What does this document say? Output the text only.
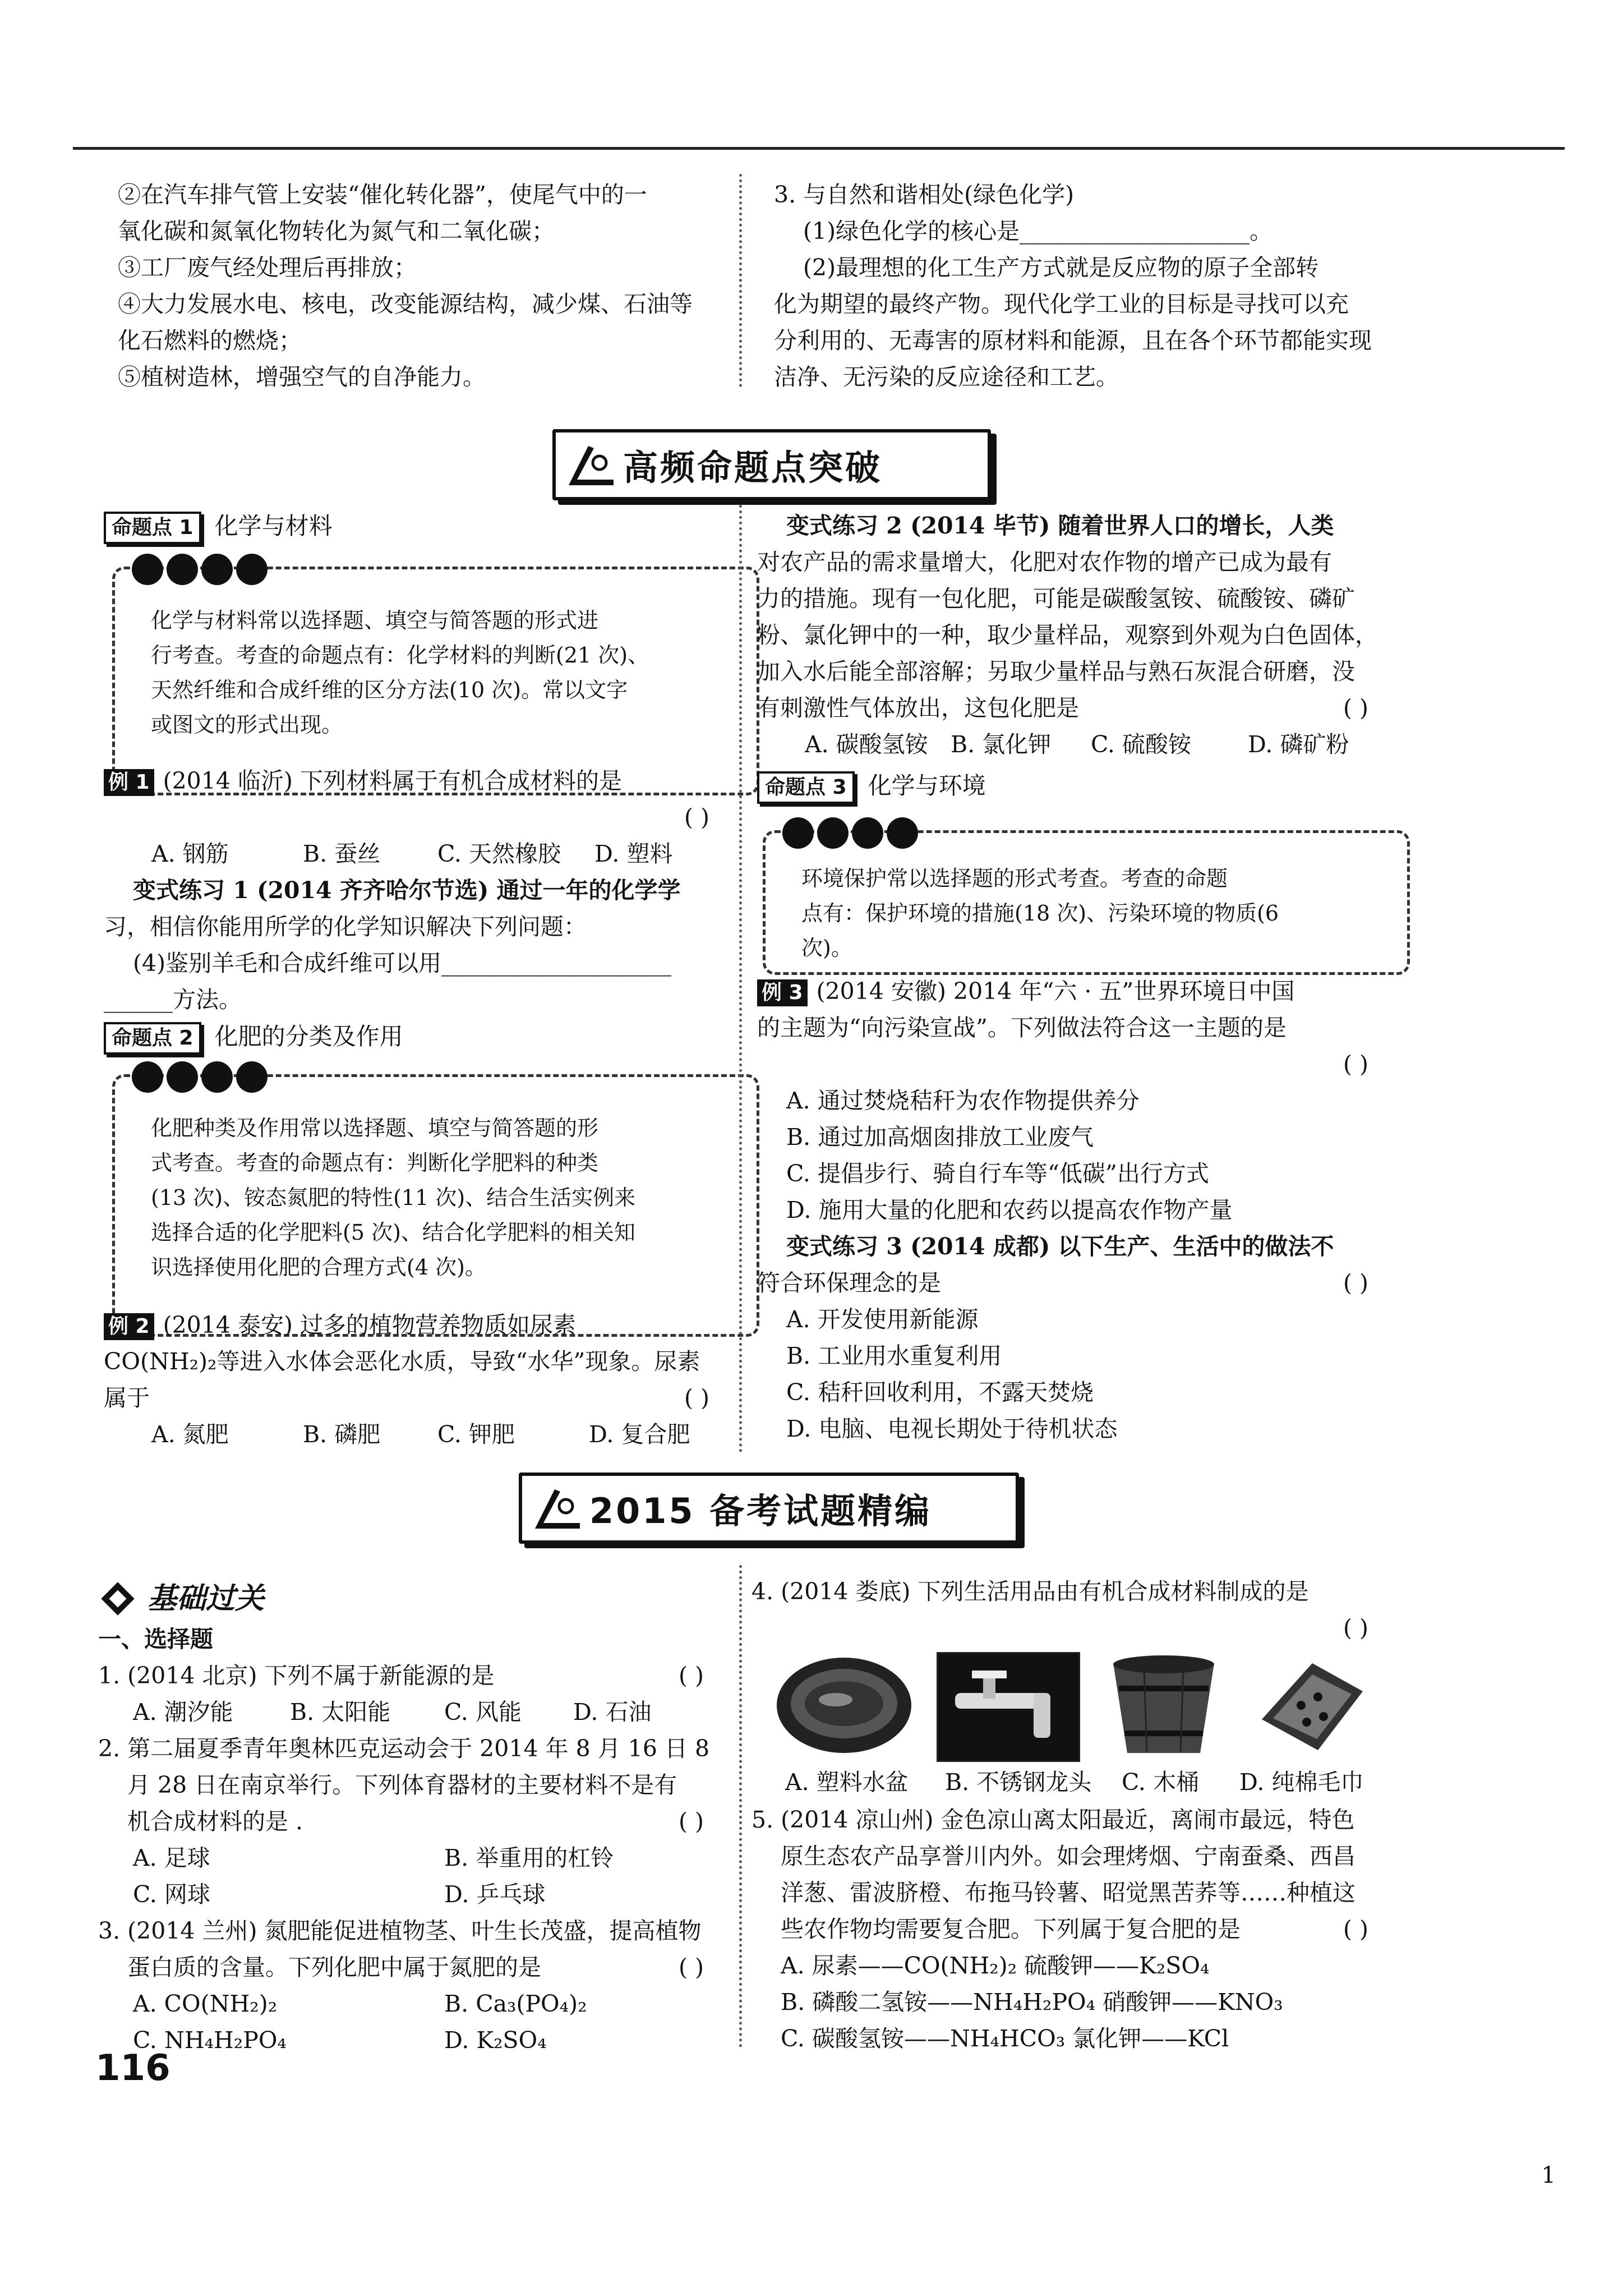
②在汽车排气管上安装“催化转化器”，使尾气中的一

氧化碳和氮氧化物转化为氮气和二氧化碳；

③工厂废气经处理后再排放；

④大力发展水电、核电，改变能源结构，减少煤、石油等

化石燃料的燃烧；

⑤植树造林，增强空气的自净能力。

3. 与自然和谐相处(绿色化学)

(1)绿色化学的核心是____________________。

(2)最理想的化工生产方式就是反应物的原子全部转

化为期望的最终产物。现代化学工业的目标是寻找可以充

分利用的、无毒害的原材料和能源，且在各个环节都能实现

洁净、无污染的反应途径和工艺。

高频命题点突破
命题点 1 化学与材料

化学与材料常以选择题、填空与简答题的形式进

行考查。考查的命题点有：化学材料的判断(21 次)、

天然纤维和合成纤维的区分方法(10 次)。常以文字

或图文的形式出现。

例 1 (2014 临沂) 下列材料属于有机合成材料的是

( )

A. 钢筋	B. 蚕丝 C. 天然橡胶 D. 塑料

变式练习 1 (2014 齐齐哈尔节选) 通过一年的化学学

习，相信你能用所学的化学知识解决下列问题：

(4)鉴别羊毛和合成纤维可以用____________________

______方法。

命题点 2 化肥的分类及作用

化肥种类及作用常以选择题、填空与简答题的形

式考查。考查的命题点有：判断化学肥料的种类

(13 次)、铵态氮肥的特性(11 次)、结合生活实例来

选择合适的化学肥料(5 次)、结合化学肥料的相关知

识选择使用化肥的合理方式(4 次)。

例 2 (2014 泰安) 过多的植物营养物质如尿素

CO(NH₂)₂等进入水体会恶化水质，导致“水华”现象。尿素

属于	( )

A. 氮肥	B. 磷肥 C. 钾肥	D. 复合肥

变式练习 2 (2014 毕节) 随着世界人口的增长，人类

对农产品的需求量增大，化肥对农作物的增产已成为最有

力的措施。现有一包化肥，可能是碳酸氢铵、硫酸铵、磷矿

粉、氯化钾中的一种，取少量样品，观察到外观为白色固体，

加入水后能全部溶解；另取少量样品与熟石灰混合研磨，没

有刺激性气体放出，这包化肥是	( )

A. 碳酸氢铵 B. 氯化钾 C. 硫酸铵 D. 磷矿粉

命题点 3 化学与环境

环境保护常以选择题的形式考查。考查的命题

点有：保护环境的措施(18 次)、污染环境的物质(6

次)。

例 3 (2014 安徽) 2014 年“六 · 五”世界环境日中国

的主题为“向污染宣战”。下列做法符合这一主题的是

( )

A. 通过焚烧秸秆为农作物提供养分

B. 通过加高烟囱排放工业废气

C. 提倡步行、骑自行车等“低碳”出行方式

D. 施用大量的化肥和农药以提高农作物产量

变式练习 3 (2014 成都) 以下生产、生活中的做法不

符合环保理念的是	( )

A. 开发使用新能源

B. 工业用水重复利用

C. 秸秆回收利用，不露天焚烧

D. 电脑、电视长期处于待机状态

2015 备考试题精编
基础过关

一、选择题

1. (2014 北京) 下列不属于新能源的是	( )

A. 潮汐能 B. 太阳能 C. 风能 D. 石油

2. 第二届夏季青年奥林匹克运动会于 2014 年 8 月 16 日 8

月 28 日在南京举行。下列体育器材的主要材料不是有

机合成材料的是 .	( )

A. 足球	B. 举重用的杠铃

C. 网球	D. 乒乓球

3. (2014 兰州) 氮肥能促进植物茎、叶生长茂盛，提高植物

蛋白质的含量。下列化肥中属于氮肥的是	( )

A. CO(NH₂)₂	B. Ca₃(PO₄)₂

C. NH₄H₂PO₄	D. K₂SO₄

4. (2014 娄底) 下列生活用品由有机合成材料制成的是

( )

A. 塑料水盆 B. 不锈钢龙头 C. 木桶 D. 纯棉毛巾

5. (2014 凉山州) 金色凉山离太阳最近，离闹市最远，特色

原生态农产品享誉川内外。如会理烤烟、宁南蚕桑、西昌

洋葱、雷波脐橙、布拖马铃薯、昭觉黑苦荞等……种植这

些农作物均需要复合肥。下列属于复合肥的是	( )

A. 尿素——CO(NH₂)₂ 硫酸钾——K₂SO₄

B. 磷酸二氢铵——NH₄H₂PO₄ 硝酸钾——KNO₃

C. 碳酸氢铵——NH₄HCO₃ 氯化钾——KCl

116
1
